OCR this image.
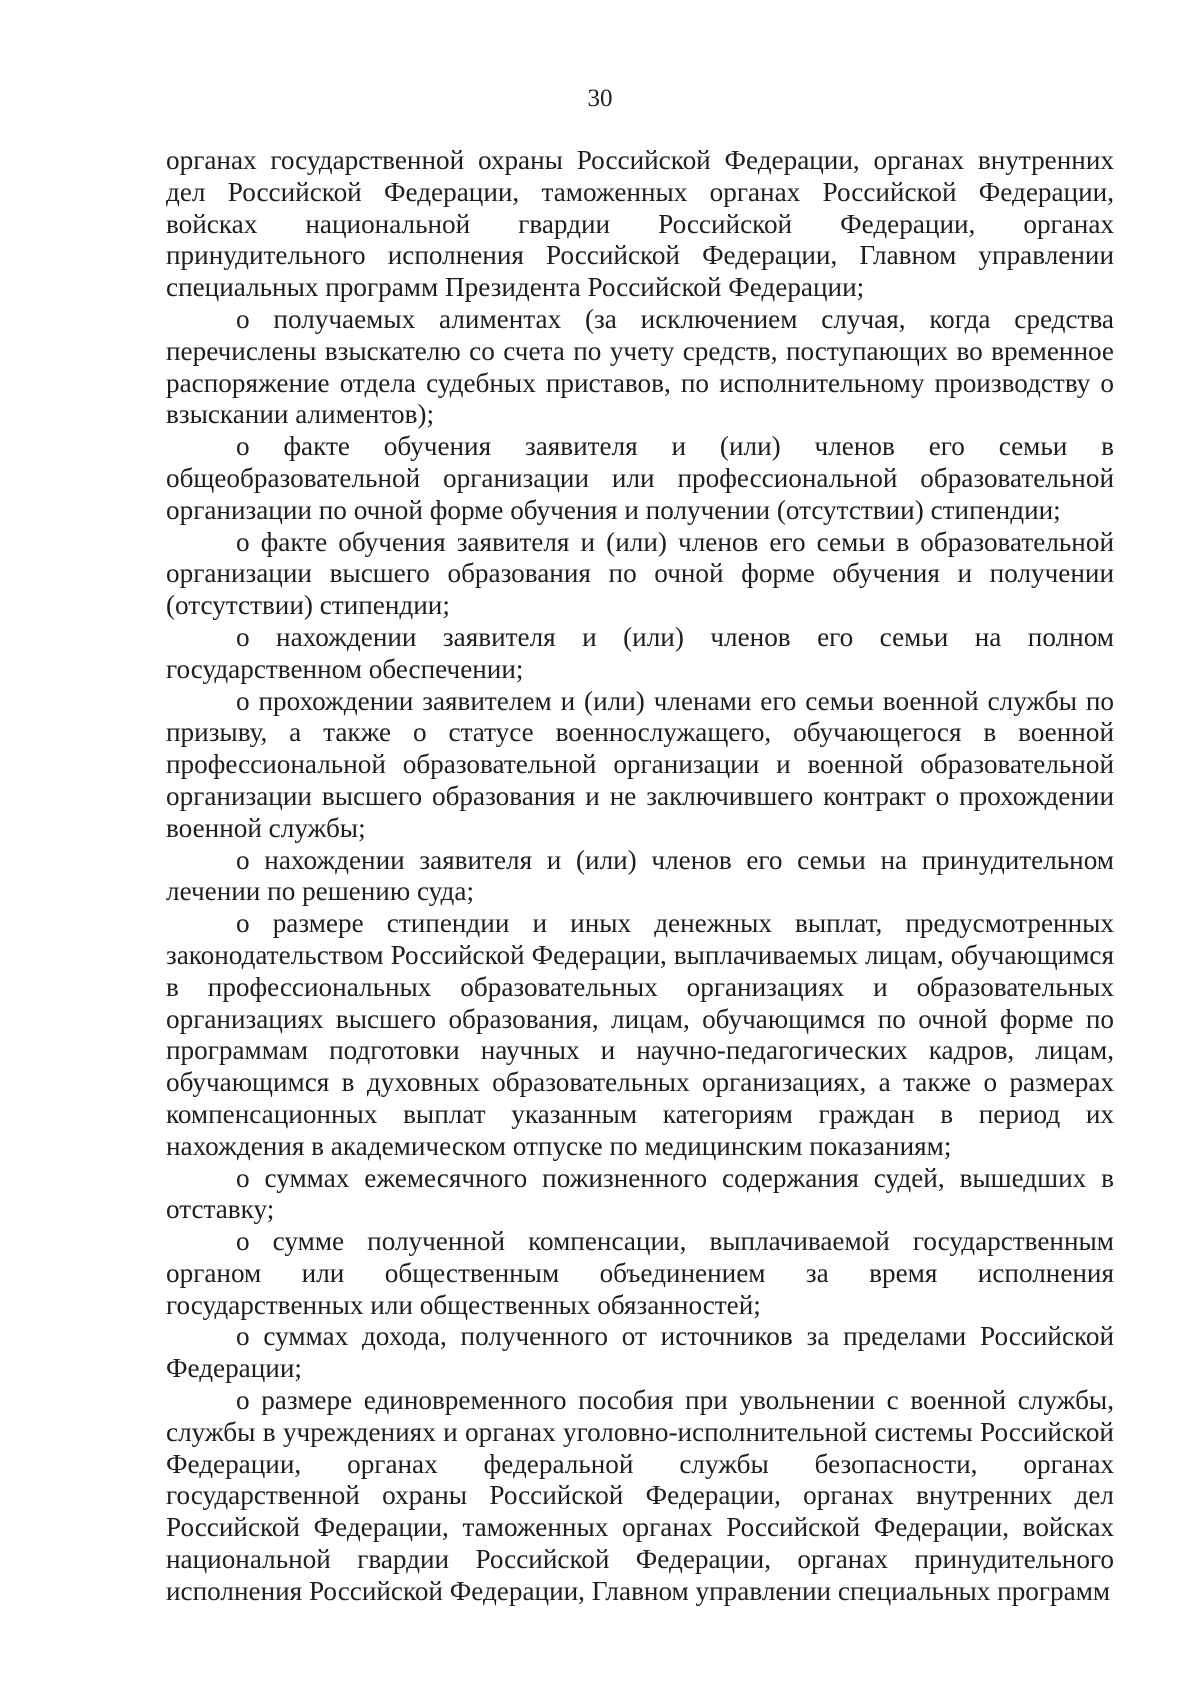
30

органах государственной охраны Российской Федерации, органах внутренних дел Российской Федерации, таможенных органах Российской Федерации, войсках национальной гвардии Российской Федерации, органах принудительного исполнения Российской Федерации, Главном управлении специальных программ Президента Российской Федерации;

о получаемых алиментах (за исключением случая, когда средства перечислены взыскателю со счета по учету средств, поступающих во временное распоряжение отдела судебных приставов, по исполнительному производству о взыскании алиментов);

о факте обучения заявителя и (или) членов его семьи в общеобразовательной организации или профессиональной образовательной организации по очной форме обучения и получении (отсутствии) стипендии;

о факте обучения заявителя и (или) членов его семьи в образовательной организации высшего образования по очной форме обучения и получении (отсутствии) стипендии;

о нахождении заявителя и (или) членов его семьи на полном государственном обеспечении;

о прохождении заявителем и (или) членами его семьи военной службы по призыву, а также о статусе военнослужащего, обучающегося в военной профессиональной образовательной организации и военной образовательной организации высшего образования и не заключившего контракт о прохождении военной службы;

о нахождении заявителя и (или) членов его семьи на принудительном лечении по решению суда;

о размере стипендии и иных денежных выплат, предусмотренных законодательством Российской Федерации, выплачиваемых лицам, обучающимся в профессиональных образовательных организациях и образовательных организациях высшего образования, лицам, обучающимся по очной форме по программам подготовки научных и научно-педагогических кадров, лицам, обучающимся в духовных образовательных организациях, а также о размерах компенсационных выплат указанным категориям граждан в период их нахождения в академическом отпуске по медицинским показаниям;

о суммах ежемесячного пожизненного содержания судей, вышедших в отставку;

о сумме полученной компенсации, выплачиваемой государственным органом или общественным объединением за время исполнения государственных или общественных обязанностей;

о суммах дохода, полученного от источников за пределами Российской Федерации;

о размере единовременного пособия при увольнении с военной службы, службы в учреждениях и органах уголовно-исполнительной системы Российской Федерации, органах федеральной службы безопасности, органах государственной охраны Российской Федерации, органах внутренних дел Российской Федерации, таможенных органах Российской Федерации, войсках национальной гвардии Российской Федерации, органах принудительного исполнения Российской Федерации, Главном управлении специальных программ
